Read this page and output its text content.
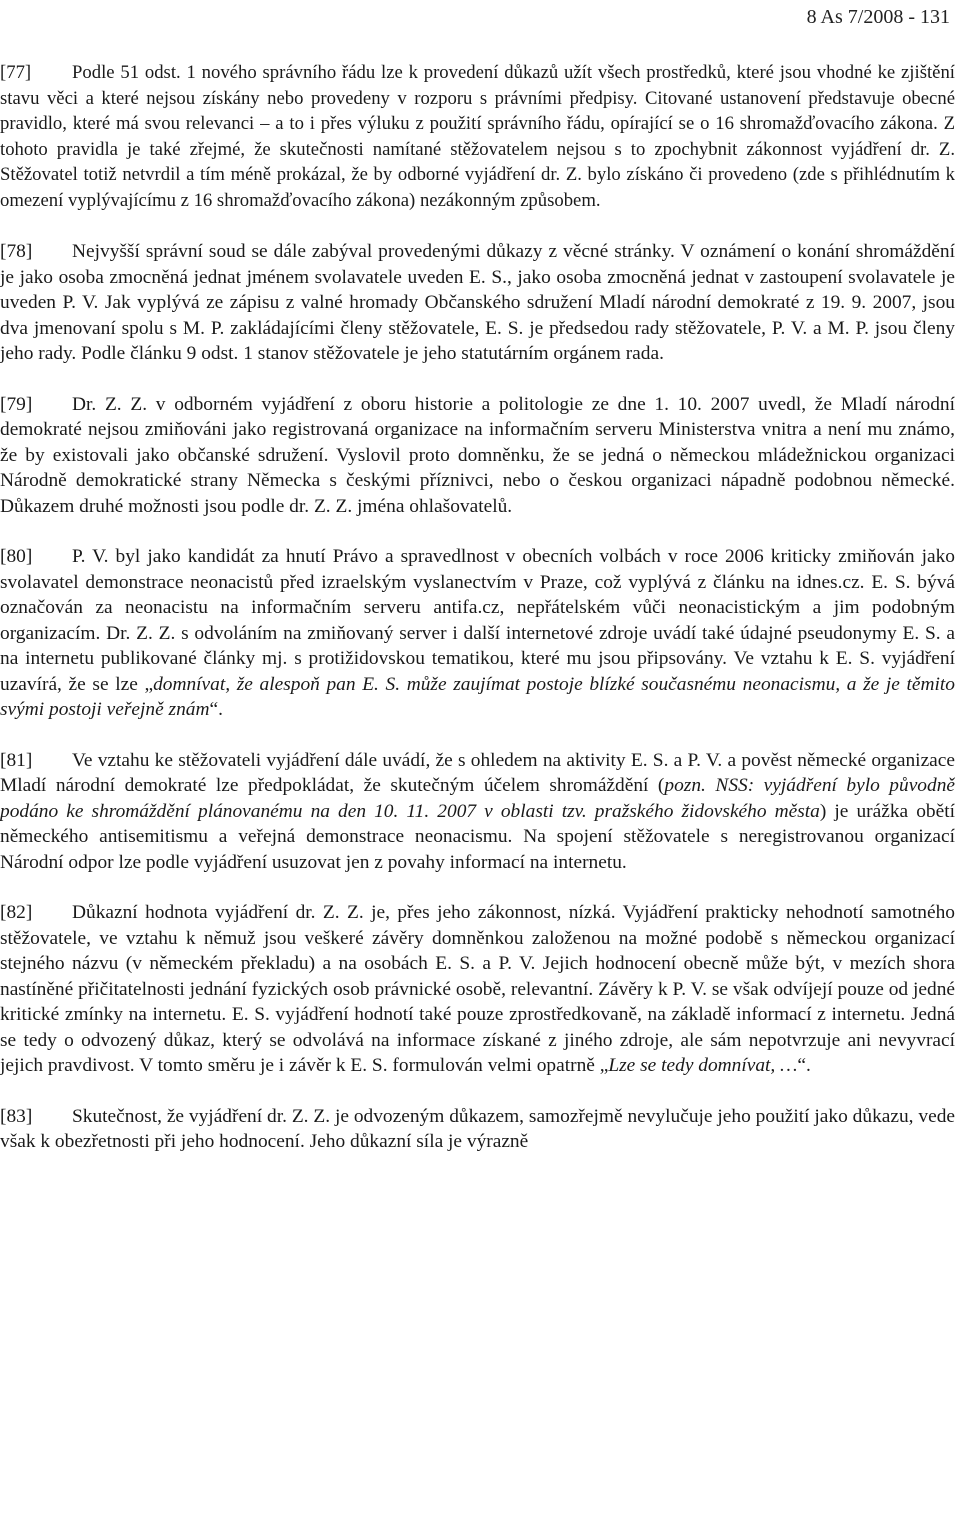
8 As 7/2008 - 131

[77] Podle 51 odst. 1 nového správního řádu lze k provedení důkazů užít všech prostředků, které jsou vhodné ke zjištění stavu věci a které nejsou získány nebo provedeny v rozporu s právními předpisy. Citované ustanovení představuje obecné pravidlo, které má svou relevanci – a to i přes výluku z použití správního řádu, opírající se o 16 shromažďovacího zákona. Z tohoto pravidla je také zřejmé, že skutečnosti namítané stěžovatelem nejsou s to zpochybnit zákonnost vyjádření dr. Z. Stěžovatel totiž netvrdil a tím méně prokázal, že by odborné vyjádření dr. Z. bylo získáno či provedeno (zde s přihlédnutím k omezení vyplývajícímu z 16 shromažďovacího zákona) nezákonným způsobem.

[78] Nejvyšší správní soud se dále zabýval provedenými důkazy z věcné stránky. V oznámení o konání shromáždění je jako osoba zmocněná jednat jménem svolavatele uveden E. S., jako osoba zmocněná jednat v zastoupení svolavatele je uveden P. V. Jak vyplývá ze zápisu z valné hromady Občanského sdružení Mladí národní demokraté z 19. 9. 2007, jsou dva jmenovaní spolu s M. P. zakládajícími členy stěžovatele, E. S. je předsedou rady stěžovatele, P. V. a M. P. jsou členy jeho rady. Podle článku 9 odst. 1 stanov stěžovatele je jeho statutárním orgánem rada.

[79] Dr. Z. Z. v odborném vyjádření z oboru historie a politologie ze dne 1. 10. 2007 uvedl, že Mladí národní demokraté nejsou zmiňováni jako registrovaná organizace na informačním serveru Ministerstva vnitra a není mu známo, že by existovali jako občanské sdružení. Vyslovil proto domněnku, že se jedná o německou mládežnickou organizaci Národně demokratické strany Německa s českými příznivci, nebo o českou organizaci nápadně podobnou německé. Důkazem druhé možnosti jsou podle dr. Z. Z. jména ohlašovatelů.

[80] P. V. byl jako kandidát za hnutí Právo a spravedlnost v obecních volbách v roce 2006 kriticky zmiňován jako svolavatel demonstrace neonacistů před izraelským vyslanectvím v Praze, což vyplývá z článku na idnes.cz. E. S. bývá označován za neonacistu na informačním serveru antifa.cz, nepřátelském vůči neonacistickým a jim podobným organizacím. Dr. Z. Z. s odvoláním na zmiňovaný server i další internetové zdroje uvádí také údajné pseudonymy E. S. a na internetu publikované články mj. s protižidovskou tematikou, které mu jsou připsovány. Ve vztahu k E. S. vyjádření uzavírá, že se lze „domnívat, že alespoň pan E. S. může zaujímat postoje blízké současnému neonacismu, a že je těmito svými postoji veřejně znám“.

[81] Ve vztahu ke stěžovateli vyjádření dále uvádí, že s ohledem na aktivity E. S. a P. V. a pověst německé organizace Mladí národní demokraté lze předpokládat, že skutečným účelem shromáždění (pozn. NSS: vyjádření bylo původně podáno ke shromáždění plánovanému na den 10. 11. 2007 v oblasti tzv. pražského židovského města) je urážka obětí německého antisemitismu a veřejná demonstrace neonacismu. Na spojení stěžovatele s neregistrovanou organizací Národní odpor lze podle vyjádření usuzovat jen z povahy informací na internetu.

[82] Důkazní hodnota vyjádření dr. Z. Z. je, přes jeho zákonnost, nízká. Vyjádření prakticky nehodnotí samotného stěžovatele, ve vztahu k němuž jsou veškeré závěry domněnkou založenou na možné podobě s německou organizací stejného názvu (v německém překladu) a na osobách E. S. a P. V. Jejich hodnocení obecně může být, v mezích shora nastíněné přičitatelnosti jednání fyzických osob právnické osobě, relevantní. Závěry k P. V. se však odvíjejí pouze od jedné kritické zmínky na internetu. E. S. vyjádření hodnotí také pouze zprostředkovaně, na základě informací z internetu. Jedná se tedy o odvozený důkaz, který se odvolává na informace získané z jiného zdroje, ale sám nepotvrzuje ani nevyvrací jejich pravdivost. V tomto směru je i závěr k E. S. formulován velmi opatrně „Lze se tedy domnívat, …“.

[83] Skutečnost, že vyjádření dr. Z. Z. je odvozeným důkazem, samozřejmě nevylučuje jeho použití jako důkazu, vede však k obezřetnosti při jeho hodnocení. Jeho důkazní síla je výrazně
